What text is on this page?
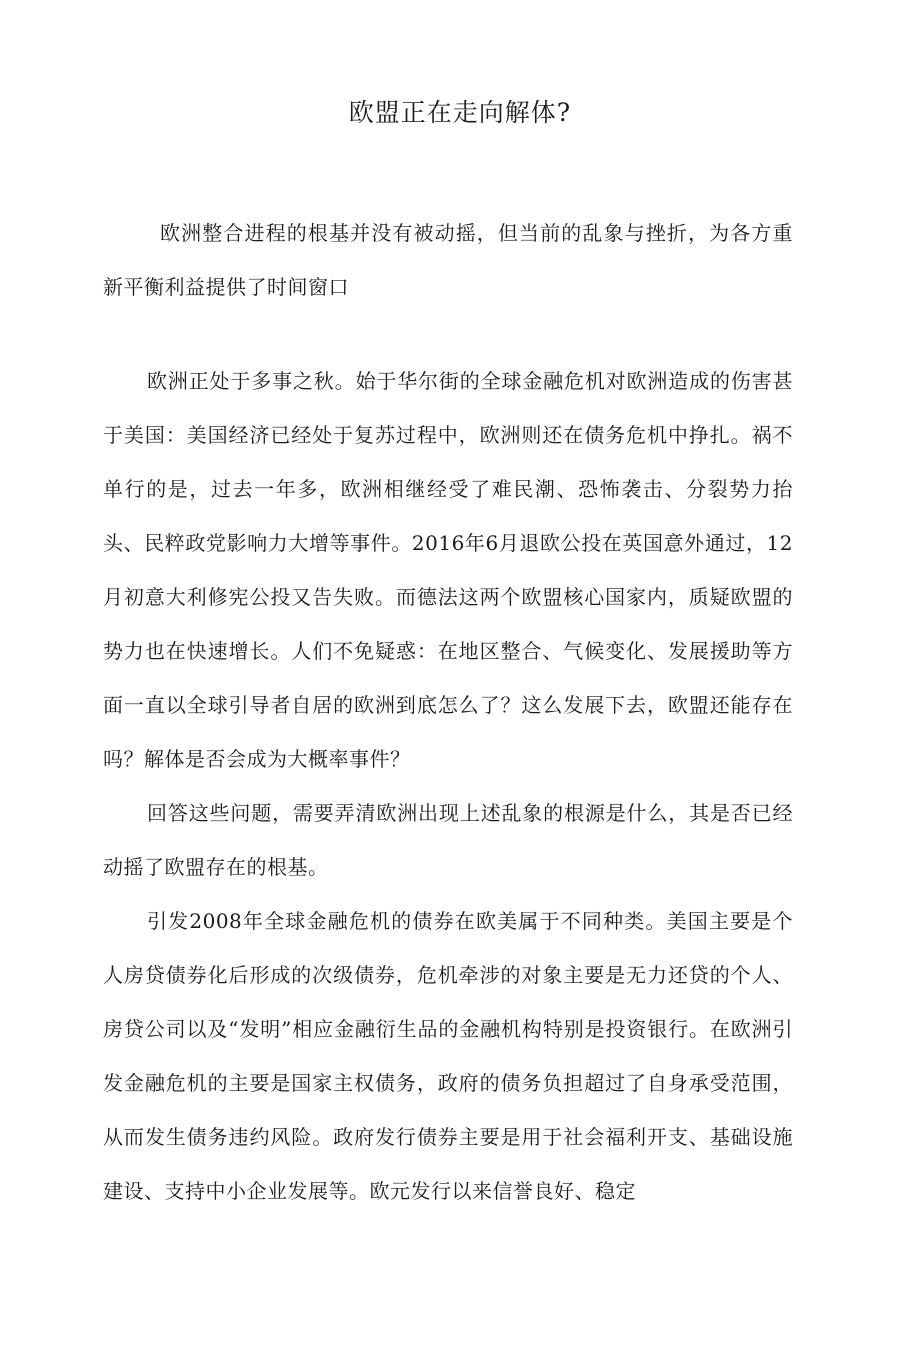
欧盟正在走向解体?

欧洲整合进程的根基并没有被动摇，但当前的乱象与挫折，为各方重新平衡利益提供了时间窗口

欧洲正处于多事之秋。始于华尔街的全球金融危机对欧洲造成的伤害甚于美国：美国经济已经处于复苏过程中，欧洲则还在债务危机中挣扎。祸不单行的是，过去一年多，欧洲相继经受了难民潮、恐怖袭击、分裂势力抬头、民粹政党影响力大增等事件。2016年6月退欧公投在英国意外通过，12月初意大利修宪公投又告失败。而德法这两个欧盟核心国家内，质疑欧盟的势力也在快速增长。人们不免疑惑：在地区整合、气候变化、发展援助等方面一直以全球引导者自居的欧洲到底怎么了？这么发展下去，欧盟还能存在吗？解体是否会成为大概率事件？

回答这些问题，需要弄清欧洲出现上述乱象的根源是什么，其是否已经动摇了欧盟存在的根基。

引发2008年全球金融危机的债券在欧美属于不同种类。美国主要是个人房贷债券化后形成的次级债券，危机牵涉的对象主要是无力还贷的个人、房贷公司以及“发明”相应金融衍生品的金融机构特别是投资银行。在欧洲引发金融危机的主要是国家主权债务，政府的债务负担超过了自身承受范围，从而发生债务违约风险。政府发行债券主要是用于社会福利开支、基础设施建设、支持中小企业发展等。欧元发行以来信誉良好、稳定
